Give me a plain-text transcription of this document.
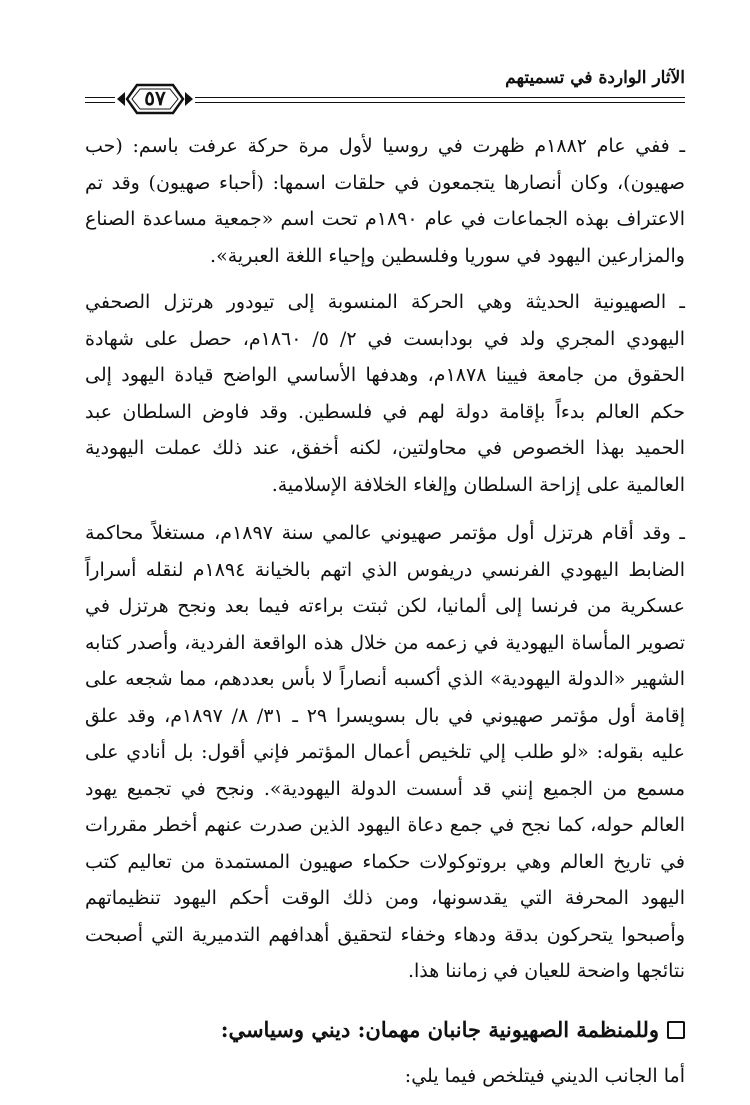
الآثار الواردة في تسميتهم
٥٧

ـ ففي عام ١٨٨٢م ظهرت في روسيا لأول مرة حركة عرفت باسم: (حب صهيون)، وكان أنصارها يتجمعون في حلقات اسمها: (أحباء صهيون) وقد تم الاعتراف بهذه الجماعات في عام ١٨٩٠م تحت اسم «جمعية مساعدة الصناع والمزارعين اليهود في سوريا وفلسطين وإحياء اللغة العبرية».

ـ الصهيونية الحديثة وهي الحركة المنسوبة إلى تيودور هرتزل الصحفي اليهودي المجري ولد في بودابست في ٢/ ٥/ ١٨٦٠م، حصل على شهادة الحقوق من جامعة فيينا ١٨٧٨م، وهدفها الأساسي الواضح قيادة اليهود إلى حكم العالم بدءاً بإقامة دولة لهم في فلسطين. وقد فاوض السلطان عبد الحميد بهذا الخصوص في محاولتين، لكنه أخفق، عند ذلك عملت اليهودية العالمية على إزاحة السلطان وإلغاء الخلافة الإسلامية.

ـ وقد أقام هرتزل أول مؤتمر صهيوني عالمي سنة ١٨٩٧م، مستغلاً محاكمة الضابط اليهودي الفرنسي دريفوس الذي اتهم بالخيانة ١٨٩٤م لنقله أسراراً عسكرية من فرنسا إلى ألمانيا، لكن ثبتت براءته فيما بعد ونجح هرتزل في تصوير المأساة اليهودية في زعمه من خلال هذه الواقعة الفردية، وأصدر كتابه الشهير «الدولة اليهودية» الذي أكسبه أنصاراً لا بأس بعددهم، مما شجعه على إقامة أول مؤتمر صهيوني في بال بسويسرا ٢٩ ـ ٣١/ ٨/ ١٨٩٧م، وقد علق عليه بقوله: «لو طلب إلي تلخيص أعمال المؤتمر فإني أقول: بل أنادي على مسمع من الجميع إنني قد أسست الدولة اليهودية». ونجح في تجميع يهود العالم حوله، كما نجح في جمع دعاة اليهود الذين صدرت عنهم أخطر مقررات في تاريخ العالم وهي بروتوكولات حكماء صهيون المستمدة من تعاليم كتب اليهود المحرفة التي يقدسونها، ومن ذلك الوقت أحكم اليهود تنظيماتهم وأصبحوا يتحركون بدقة ودهاء وخفاء لتحقيق أهدافهم التدميرية التي أصبحت نتائجها واضحة للعيان في زماننا هذا.

وللمنظمة الصهيونية جانبان مهمان: ديني وسياسي:

أما الجانب الديني فيتلخص فيما يلي:
